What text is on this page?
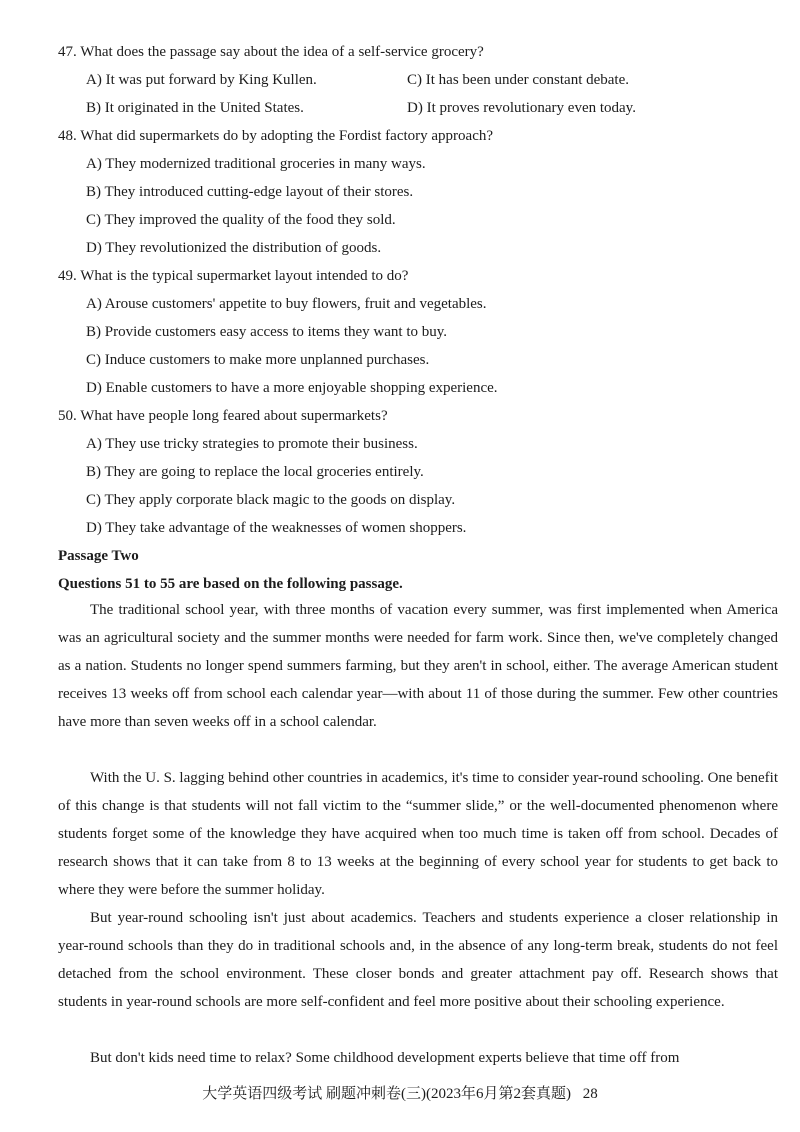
47. What does the passage say about the idea of a self-service grocery?
A) It was put forward by King Kullen.	C) It has been under constant debate.
B) It originated in the United States.	D) It proves revolutionary even today.
48. What did supermarkets do by adopting the Fordist factory approach?
A) They modernized traditional groceries in many ways.
B) They introduced cutting-edge layout of their stores.
C) They improved the quality of the food they sold.
D) They revolutionized the distribution of goods.
49. What is the typical supermarket layout intended to do?
A) Arouse customers' appetite to buy flowers, fruit and vegetables.
B) Provide customers easy access to items they want to buy.
C) Induce customers to make more unplanned purchases.
D) Enable customers to have a more enjoyable shopping experience.
50. What have people long feared about supermarkets?
A) They use tricky strategies to promote their business.
B) They are going to replace the local groceries entirely.
C) They apply corporate black magic to the goods on display.
D) They take advantage of the weaknesses of women shoppers.
Passage Two
Questions 51 to 55 are based on the following passage.

The traditional school year, with three months of vacation every summer, was first implemented when America was an agricultural society and the summer months were needed for farm work. Since then, we've completely changed as a nation. Students no longer spend summers farming, but they aren't in school, either. The average American student receives 13 weeks off from school each calendar year—with about 11 of those during the summer. Few other countries have more than seven weeks off in a school calendar.

With the U. S. lagging behind other countries in academics, it's time to consider year-round schooling. One benefit of this change is that students will not fall victim to the “summer slide,” or the well-documented phenomenon where students forget some of the knowledge they have acquired when too much time is taken off from school. Decades of research shows that it can take from 8 to 13 weeks at the beginning of every school year for students to get back to where they were before the summer holiday.

But year-round schooling isn't just about academics. Teachers and students experience a closer relationship in year-round schools than they do in traditional schools and, in the absence of any long-term break, students do not feel detached from the school environment. These closer bonds and greater attachment pay off. Research shows that students in year-round schools are more self-confident and feel more positive about their schooling experience.

But don't kids need time to relax? Some childhood development experts believe that time off from

大学英语四级考试 刷题冲刺卷(三)(2023年6月第2套真题) 28
